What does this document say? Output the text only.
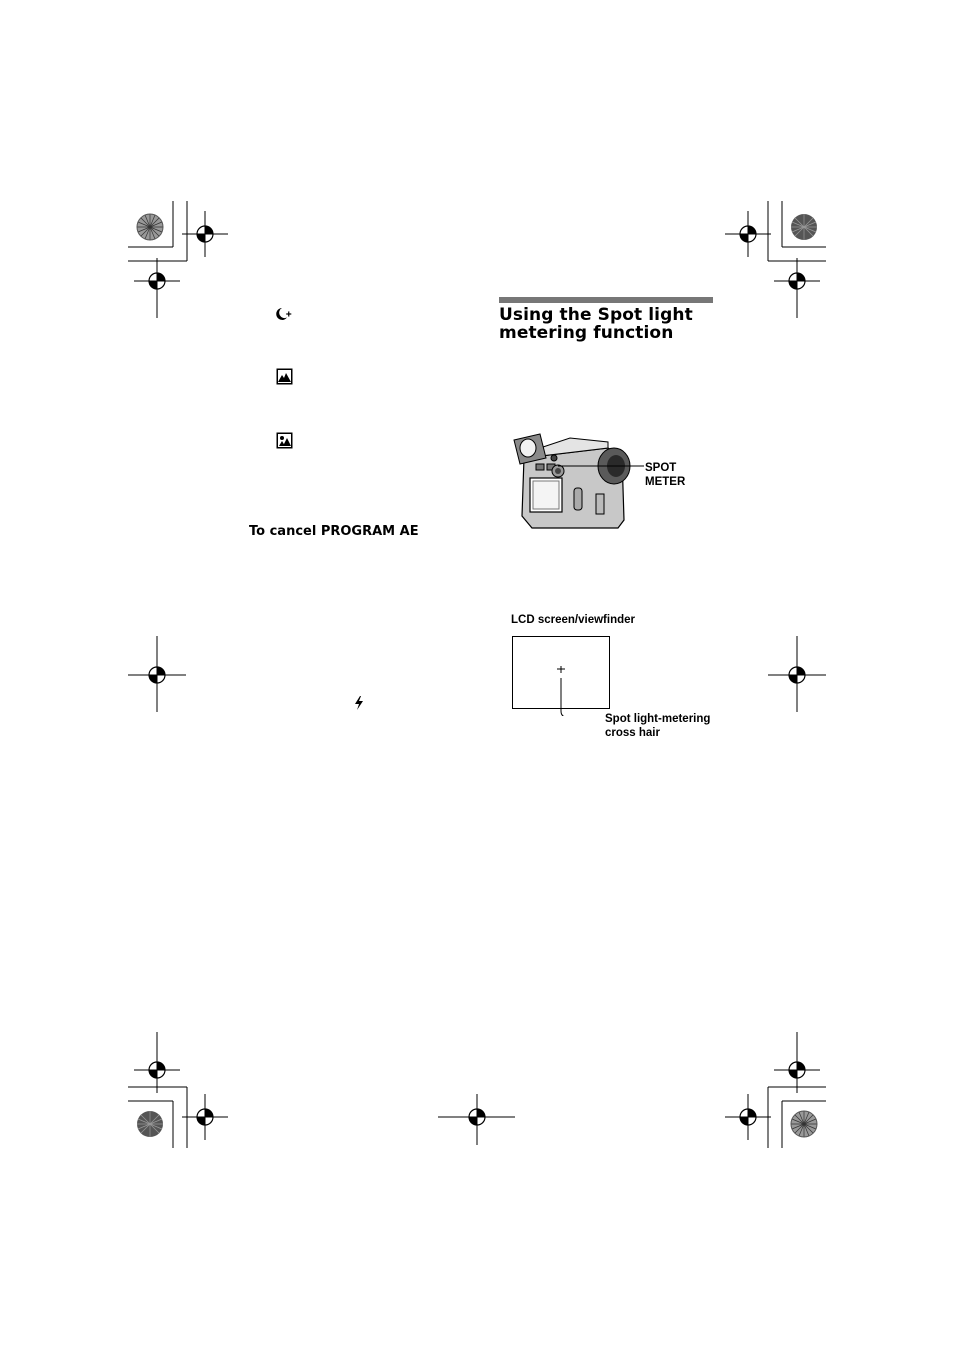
To cancel PROGRAM AE
Using the Spot light
metering function
SPOT
METER
LCD screen/viewfinder
Spot light-metering
cross hair
